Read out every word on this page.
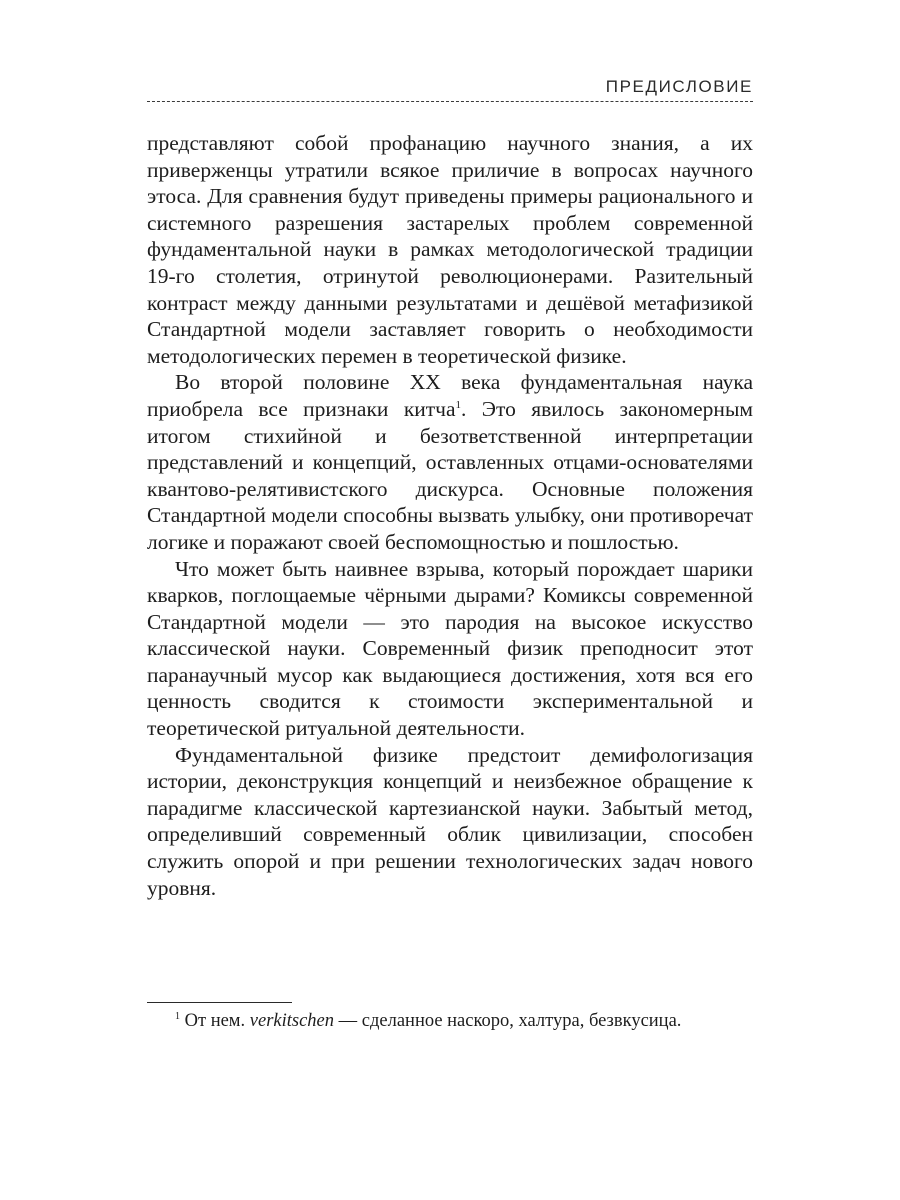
ПРЕДИСЛОВИЕ

представляют собой профанацию научного знания, а их приверженцы утратили всякое приличие в вопросах научного этоса. Для сравнения будут приведены примеры рационального и системного разрешения застарелых проблем современной фундаментальной науки в рамках методологической традиции 19-го столетия, отринутой революционерами. Разительный контраст между данными результатами и дешёвой метафизикой Стандартной модели заставляет говорить о необходимости методологических перемен в теоретической физике.

Во второй половине XX века фундаментальная наука приобрела все признаки китча$^1$. Это явилось закономерным итогом стихийной и безответственной интерпретации представлений и концепций, оставленных отцами-основателями квантово-релятивистского дискурса. Основные положения Стандартной модели способны вызвать улыбку, они противоречат логике и поражают своей беспомощностью и пошлостью.

Что может быть наивнее взрыва, который порождает шарики кварков, поглощаемые чёрными дырами? Комиксы современной Стандартной модели — это пародия на высокое искусство классической науки. Современный физик преподносит этот паранаучный мусор как выдающиеся достижения, хотя вся его ценность сводится к стоимости экспериментальной и теоретической ритуальной деятельности.

Фундаментальной физике предстоит демифологизация истории, деконструкция концепций и неизбежное обращение к парадигме классической картезианской науки. Забытый метод, определивший современный облик цивилизации, способен служить опорой и при решении технологических задач нового уровня.

$^1$ От нем. verkitschen — сделанное наскоро, халтура, безвкусица.
